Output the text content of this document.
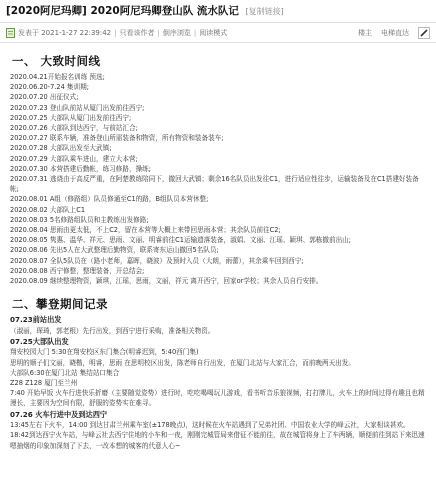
[2020阿尼玛卿] 2020阿尼玛卿登山队 流水队记 [复制链接]
发表于 2021-1-27 22:39:42 | 只看该作者 | 倒序浏览 | 阅读模式	楼主 电梯直达
一、 大致时间线
2020.04.21开始报名训练 预选;
2020.06.20-7.24 集训期;
2020.07.20 出征仪式;
2020.07.23 登山队前站从厦门出发前往西宁;
2020.07.25 大部队从厦门出发前往西宁;
2020.07.26 大部队到达西宁，与前站汇合;
2020.07.27 联系车辆，准备登山所需装备和物资，所有物资和装备装车;
2020.07.28 大部队出发至大武镇;
2020.07.29 大部队乘车进山，建立大本营;
2020.07.30 本营搭建后勤帐，练习修路，操练;
2020.07.31 逃烧由于高反严重，在阿楚教练陪同下，撤回大武镇；剩余16名队员出发往C1，进行适应性往步，运输装备及在C1搭建好装备帐;
2020.08.01 A组（修路组）队员修通至C1的路，B组队员本营休整;
2020.08.02 大部队上C1
2020.08.03 5名修路组队员和主教练出发修路;
2020.08.04 思雨由更太低，不上C2，留在本营等大概上来带回思雨本营；其余队员前往C2;
2020.08.05 隽惠、温华、祥元、思雨、文丽、明睿前往C1运输遗落装备，淑娟、文丽、江瑶、颖琪、郭栋撤前出山;
2020.08.06 先出5人在大武整理后勤物资，联系寄东运山撤回5名队员;
2020.08.07 全队5队员在（路小老师，嘉晖，晓波）及预时入员（大朗，雨蕾），其余乘车回到西宁;
2020.08.08 西宁修整，整理装备，开总结会;
2020.08.09 继续整理物资，颖琪，江瑶，思雨，文丽，祥元 离开西宁，回家or学校；其余人员自行安排。
二、攀登期间记录
07.23前站出发
（淑丽，琛琦，郭老根）先行出发，到西宁进行采购，准备相关物资。
07.25大部队出发
翔安校园大门 5:30在翔安校区东门集合(明睿迟到，5:40西门集)
思明的顺子们文丽，晓楷，明睿，思雨 在思明校区出发，陈老师自行出发，在厦门北站与大家汇合，而前晚两天出发。
大部队6:30在厦门北站 集结站口集合
Z28 Z128 厦门至兰州
7:40 开始早饭 火车行进快乐折磨（主要随觉姿势）进行时，吃吃喝喝玩儿游戏，看书听音乐狼视频，打打牌儿，火车上的时间过得有趣且也精漫长，主要因为空间有限，舒服的姿势实在难寻。
07.26 火车行进中及到达西宁
13:45左右下火车，14:00 到达甘肃兰州乘车室(±178晚点)，这时候在火车站遇到了兄弟社团、中国农业大学的峰云社，大家相谈甚欢。
18:42到达西宁火车站，与峰云社去西宁住地的小车和一夜，刚刚完城管局来借征不能前往，故在城管将身上了车两辆，顺便前往到站下来迅速嗯抽烟的印象加深刻了下去，一改本想的城客的代意人心~
